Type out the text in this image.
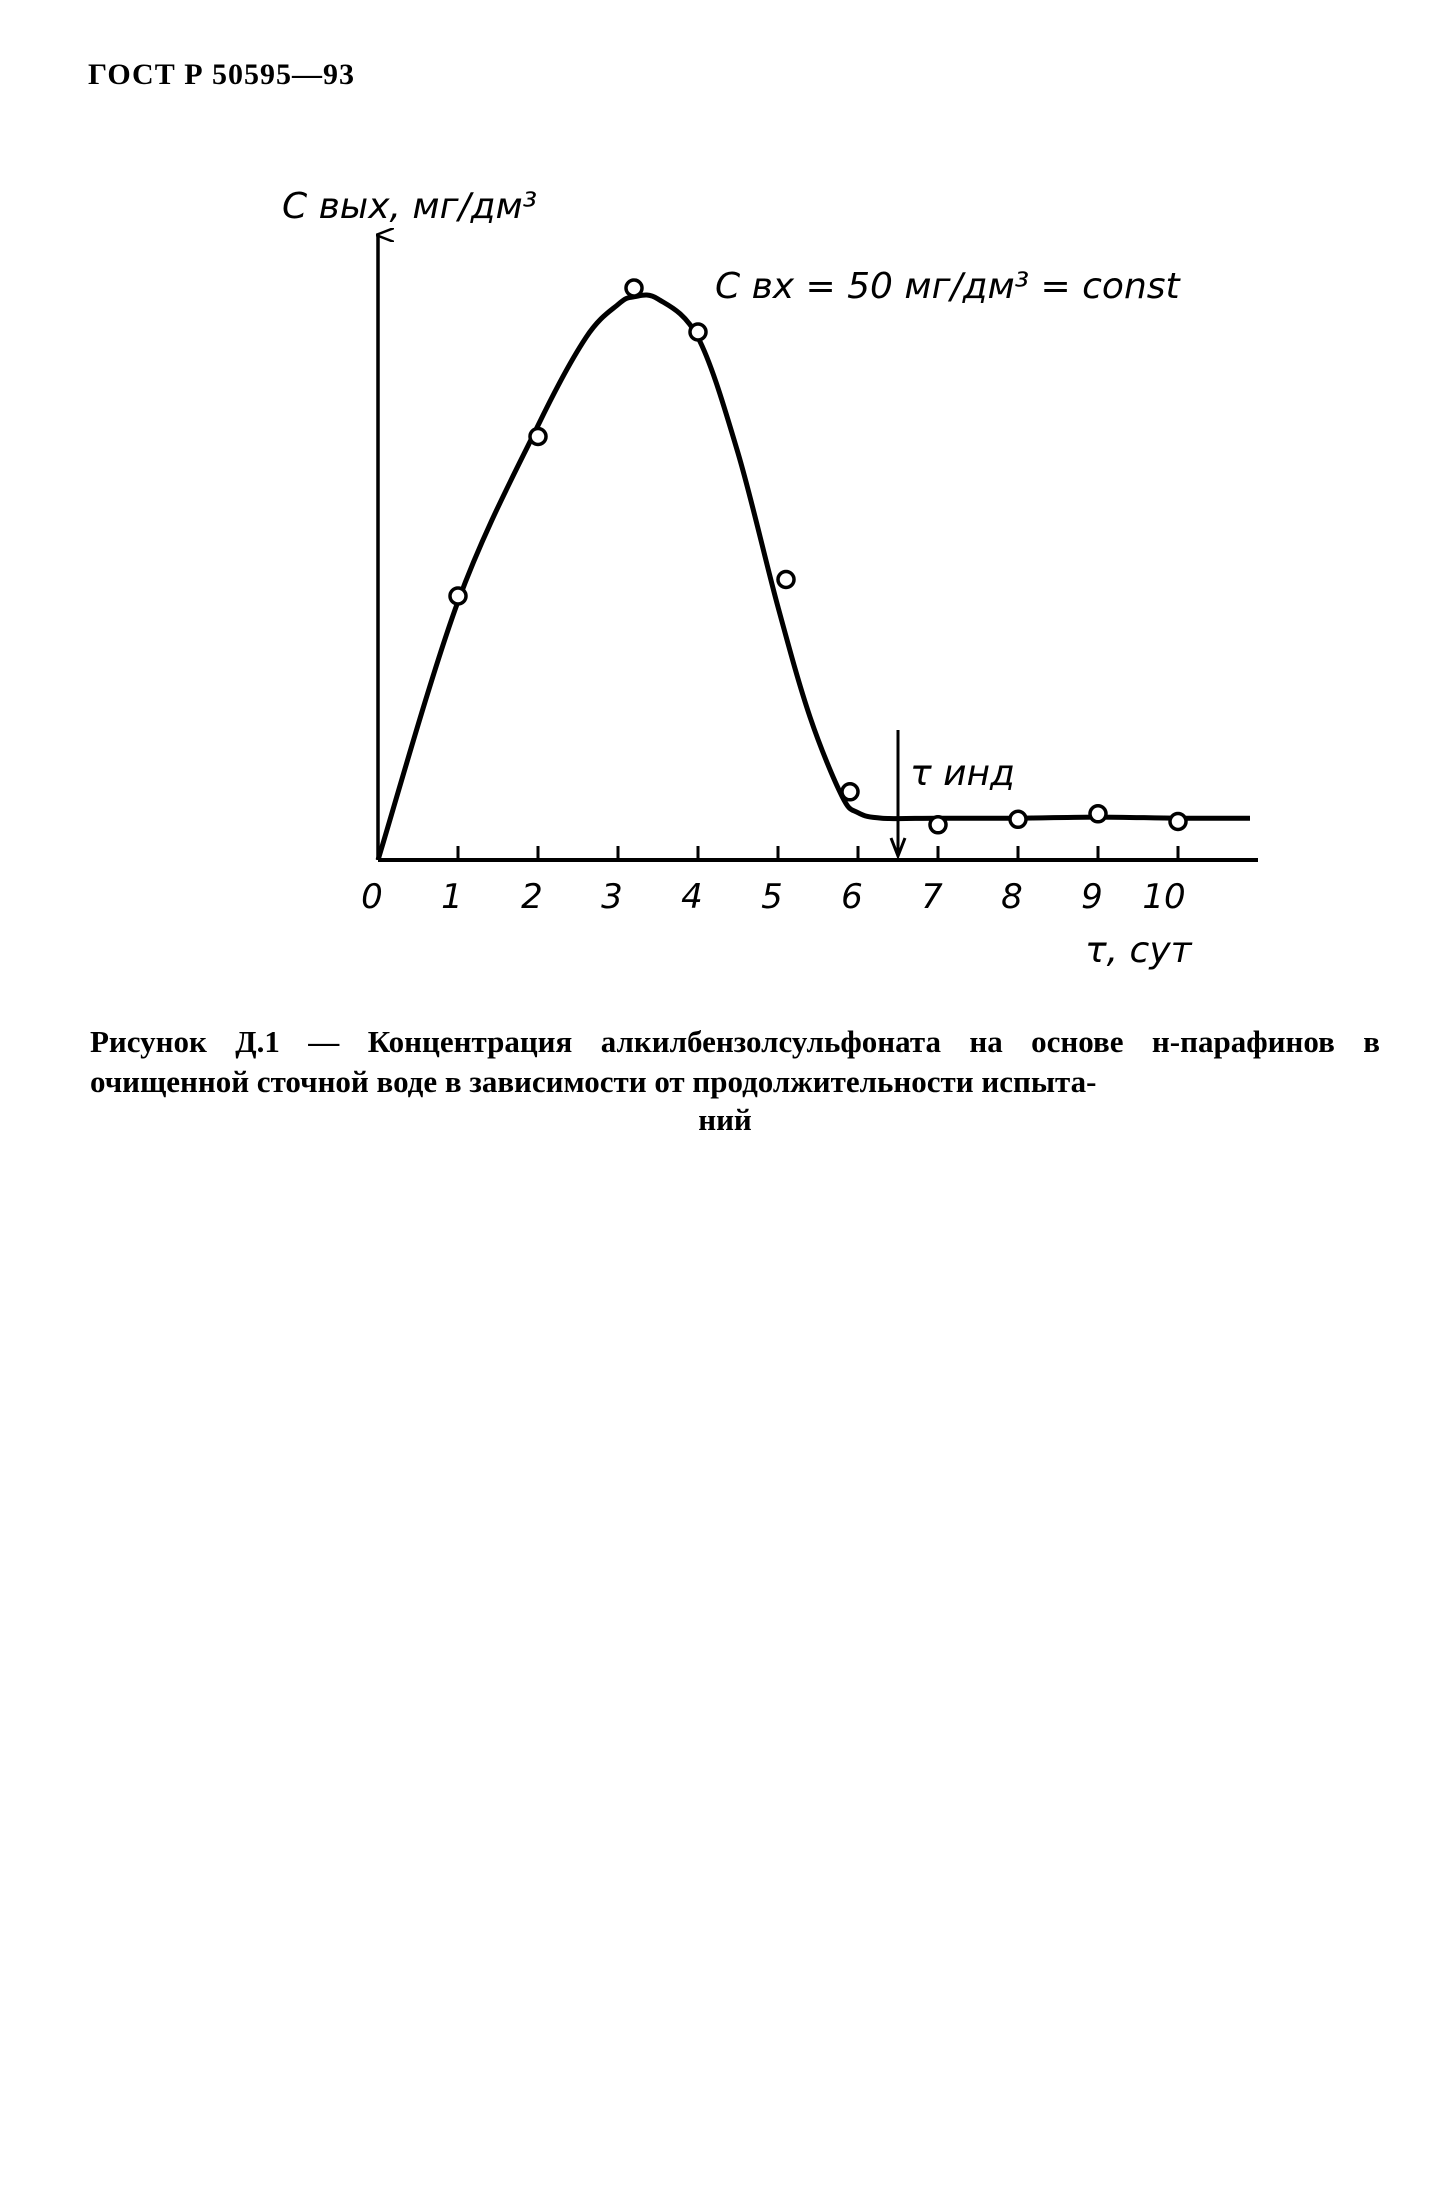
ГОСТ Р 50595—93
0 1 2 3 4 5 6 7 8 9 10
С вых, мг/дм³
τ, сут
С вх = 50 мг/дм³ = const
τ инд
Рисунок Д.1 — Концентрация алкилбензолсульфоната на основе н-парафинов в очищенной сточной воде в зависимости от продолжительности испыта-
ний
